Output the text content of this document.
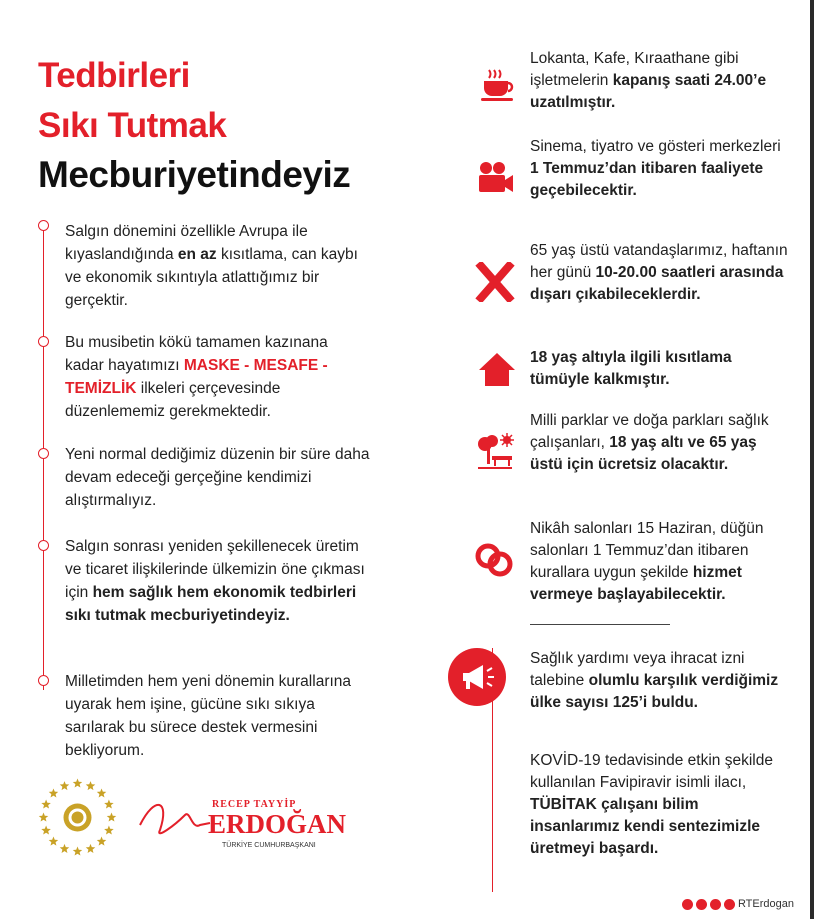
Tedbirleri
Sıkı Tutmak
Mecburiyetindeyiz
Salgın dönemini özellikle Avrupa ile kıyaslandığında en az kısıtlama, can kaybı ve ekonomik sıkıntıyla atlattığımız bir gerçektir.
Bu musibetin kökü tamamen kazınana kadar hayatımızı MASKE - MESAFE - TEMİZLİK ilkeleri çerçevesinde düzenlememiz gerekmektedir.
Yeni normal dediğimiz düzenin bir süre daha devam edeceği gerçeğine kendimizi alıştırmalıyız.
Salgın sonrası yeniden şekillenecek üretim ve ticaret ilişkilerinde ülkemizin öne çıkması için hem sağlık hem ekonomik tedbirleri sıkı tutmak mecburiyetindeyiz.
Milletimden hem yeni dönemin kurallarına uyarak hem işine, gücüne sıkı sıkıya sarılarak bu sürece destek vermesini bekliyorum.
RECEP TAYYİP
ERDOĞAN
TÜRKİYE CUMHURBAŞKANI
Lokanta, Kafe, Kıraathane gibi işletmelerin kapanış saati 24.00’e uzatılmıştır.
Sinema, tiyatro ve gösteri merkezleri 1 Temmuz’dan itibaren faaliyete geçebilecektir.
65 yaş üstü vatandaşlarımız, haftanın her günü 10-20.00 saatleri arasında dışarı çıkabileceklerdir.
18 yaş altıyla ilgili kısıtlama tümüyle kalkmıştır.
Milli parklar ve doğa parkları sağlık çalışanları, 18 yaş altı ve 65 yaş üstü için ücretsiz olacaktır.
Nikâh salonları 15 Haziran, düğün salonları 1 Temmuz’dan itibaren kurallara uygun şekilde hizmet vermeye başlayabilecektir.
Sağlık yardımı veya ihracat izni talebine olumlu karşılık verdiğimiz ülke sayısı 125’i buldu.
KOVİD-19 tedavisinde etkin şekilde kullanılan Favipiravir isimli ilacı, TÜBİTAK çalışanı bilim insanlarımız kendi sentezimizle üretmeyi başardı.
RTErdogan
